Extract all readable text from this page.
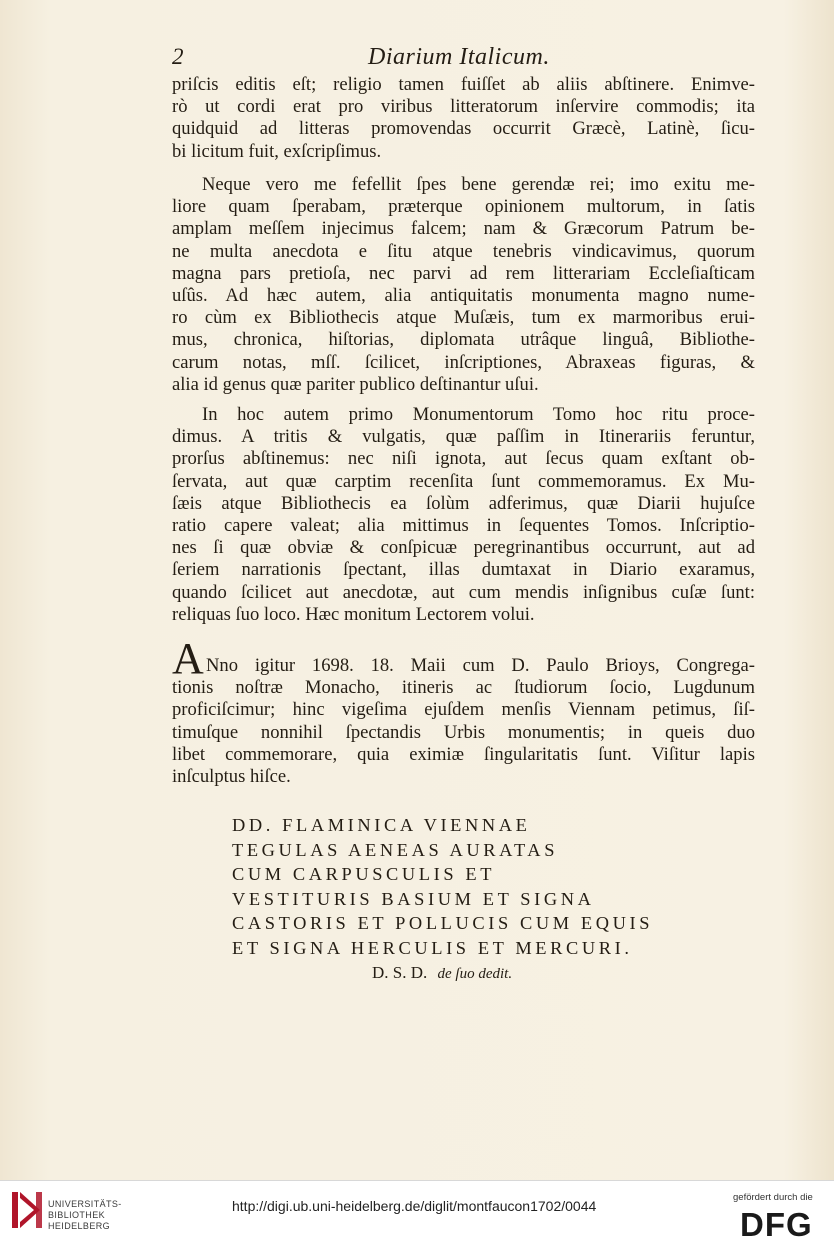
2	Diarium Italicum.
priſcis editis eſt; religio tamen fuiſſet ab aliis abſtinere. Enimve-
rò ut cordi erat pro viribus litteratorum inſervire commodis; ita
quidquid ad litteras promovendas occurrit Græcè, Latinè, ſicu-
bi licitum fuit, exſcripſimus.
Neque vero me fefellit ſpes bene gerendæ rei; imo exitu me-
liore quam ſperabam, præterque opinionem multorum, in ſatis
amplam meſſem injecimus falcem; nam & Græcorum Patrum be-
ne multa anecdota e ſitu atque tenebris vindicavimus, quorum
magna pars pretioſa, nec parvi ad rem litterariam Eccleſiaſticam
uſûs. Ad hæc autem, alia antiquitatis monumenta magno nume-
ro cùm ex Bibliothecis atque Muſæis, tum ex marmoribus erui-
mus, chronica, hiſtorias, diplomata utrâque linguâ, Bibliothe-
carum notas, mſſ. ſcilicet, inſcriptiones, Abraxeas figuras, &
alia id genus quæ pariter publico deſtinantur uſui.
In hoc autem primo Monumentorum Tomo hoc ritu proce-
dimus. A tritis & vulgatis, quæ paſſim in Itinerariis feruntur,
prorſus abſtinemus: nec niſi ignota, aut ſecus quam exſtant ob-
ſervata, aut quæ carptim recenſita ſunt commemoramus. Ex Mu-
ſæis atque Bibliothecis ea ſolùm adferimus, quæ Diarii hujuſce
ratio capere valeat; alia mittimus in ſequentes Tomos. Inſcriptio-
nes ſi quæ obviæ & conſpicuæ peregrinantibus occurrunt, aut ad
ſeriem narrationis ſpectant, illas dumtaxat in Diario exaramus,
quando ſcilicet aut anecdotæ, aut cum mendis inſignibus cuſæ ſunt:
reliquas ſuo loco. Hæc monitum Lectorem volui.
A Nno igitur 1698. 18. Maii cum D. Paulo Brioys, Congrega-
tionis noſtræ Monacho, itineris ac ſtudiorum ſocio, Lugdunum
proficiſcimur; hinc vigeſima ejuſdem menſis Viennam petimus, ſiſ-
timuſque nonnihil ſpectandis Urbis monumentis; in queis duo
libet commemorare, quia eximiæ ſingularitatis ſunt. Viſitur lapis
inſculptus hiſce.
DD. FLAMINICA VIENNAE
TEGULAS AENEAS AURATAS
CUM CARPUSCULIS ET
VESTITURIS BASIUM ET SIGNA
CASTORIS ET POLLUCIS CUM EQUIS
ET SIGNA HERCULIS ET MERCURI.
D. S. D. de ſuo dedit.
UNIVERSITÄTS-
BIBLIOTHEK
HEIDELBERG
http://digi.ub.uni-heidelberg.de/diglit/montfaucon1702/0044
gefördert durch die
DFG
